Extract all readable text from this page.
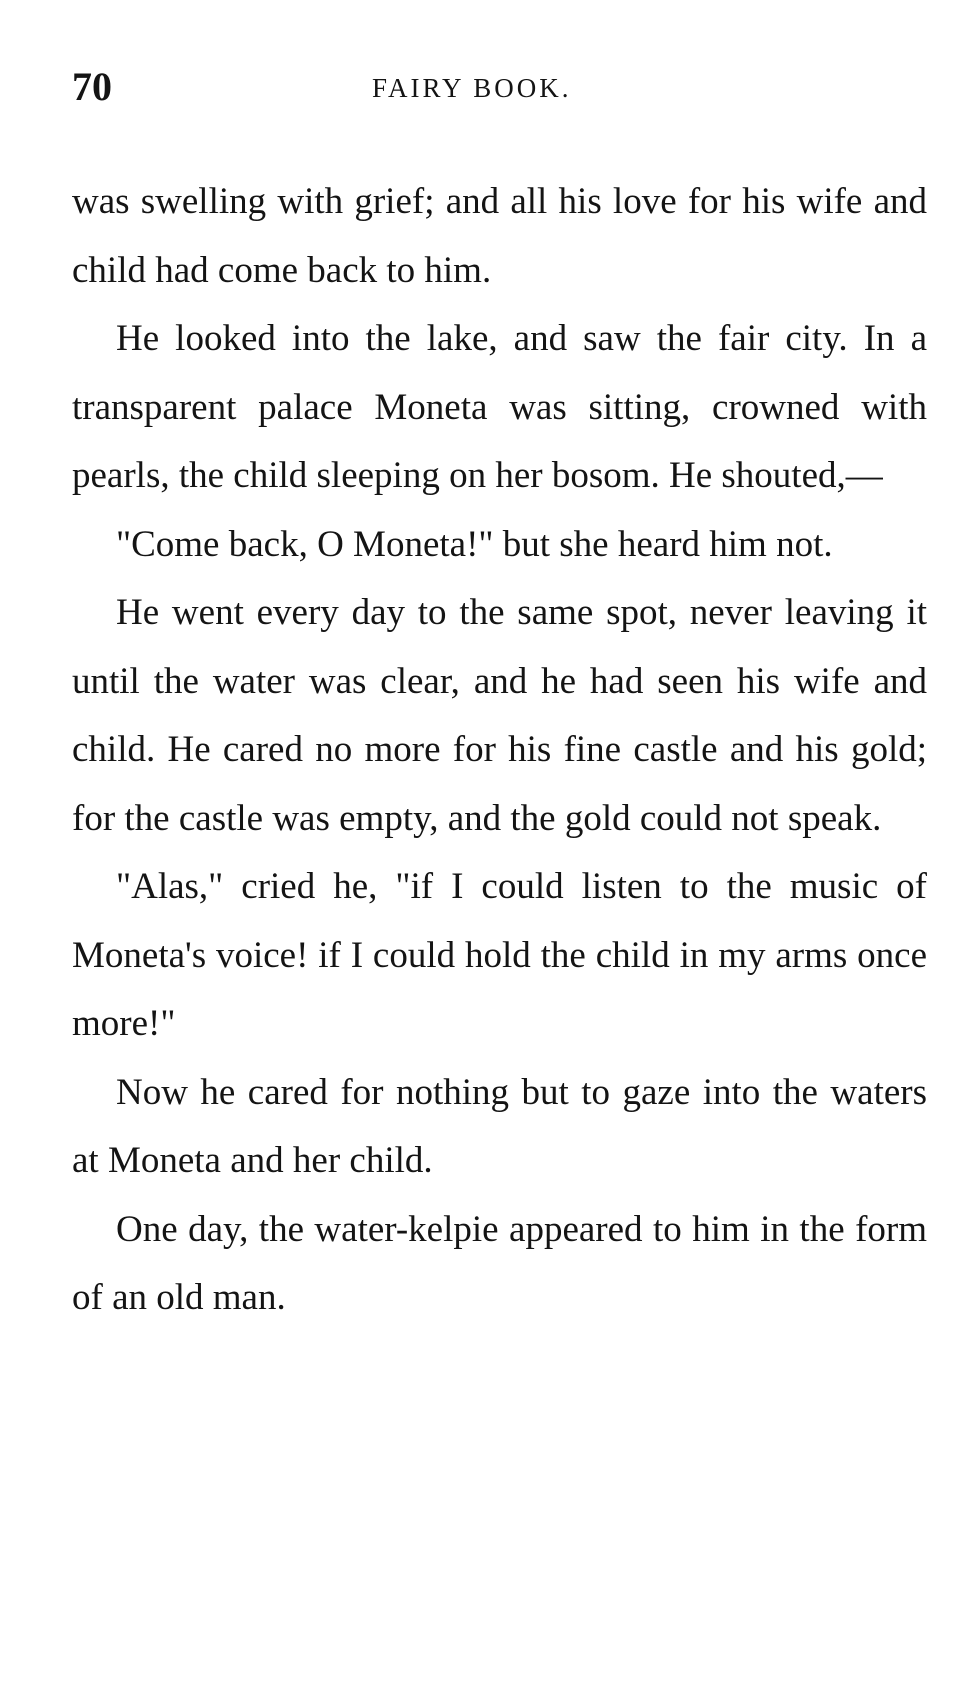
70	FAIRY BOOK.

was swelling with grief; and all his love for his wife and child had come back to him.

He looked into the lake, and saw the fair city. In a transparent palace Moneta was sitting, crowned with pearls, the child sleeping on her bosom. He shouted,—

"Come back, O Moneta!" but she heard him not.

He went every day to the same spot, never leaving it until the water was clear, and he had seen his wife and child. He cared no more for his fine castle and his gold; for the castle was empty, and the gold could not speak.

"Alas," cried he, "if I could listen to the music of Moneta's voice! if I could hold the child in my arms once more!"

Now he cared for nothing but to gaze into the waters at Moneta and her child.

One day, the water-kelpie appeared to him in the form of an old man.
